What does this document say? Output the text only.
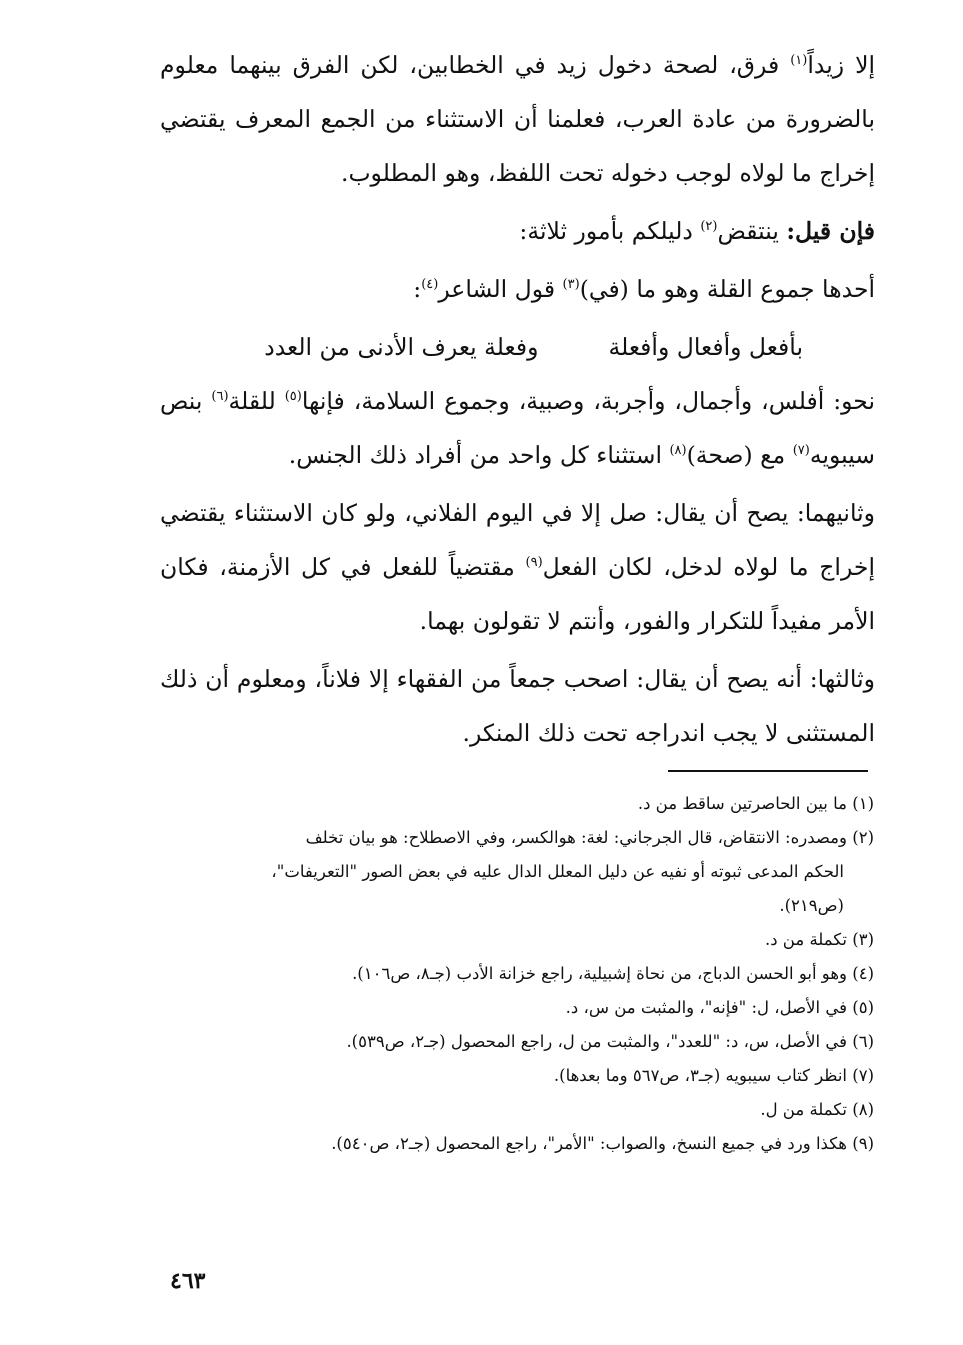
إلا زيداً$^{(١)}$ فرق، لصحة دخول زيد في الخطابين، لكن الفرق بينهما معلوم بالضرورة من عادة العرب، فعلمنا أن الاستثناء من الجمع المعرف يقتضي إخراج ما لولاه لوجب دخوله تحت اللفظ، وهو المطلوب.

فإن قيل: ينتقض$^{(٢)}$ دليلكم بأمور ثلاثة:

أحدها جموع القلة وهو ما (في)$^{(٣)}$ قول الشاعر$^{(٤)}$:

بأفعل وأفعال وأفعلة
وفعلة يعرف الأدنى من العدد

نحو: أفلس، وأجمال، وأجربة، وصبية، وجموع السلامة، فإنها$^{(٥)}$ للقلة$^{(٦)}$ بنص سيبويه$^{(٧)}$ مع (صحة)$^{(٨)}$ استثناء كل واحد من أفراد ذلك الجنس.

وثانيهما: يصح أن يقال: صل إلا في اليوم الفلاني، ولو كان الاستثناء يقتضي إخراج ما لولاه لدخل، لكان الفعل$^{(٩)}$ مقتضياً للفعل في كل الأزمنة، فكان الأمر مفيداً للتكرار والفور، وأنتم لا تقولون بهما.

وثالثها: أنه يصح أن يقال: اصحب جمعاً من الفقهاء إلا فلاناً، ومعلوم أن ذلك المستثنى لا يجب اندراجه تحت ذلك المنكر.

(١) ما بين الحاصرتين ساقط من د.

(٢) ومصدره: الانتقاض، قال الجرجاني: لغة: هوالكسر، وفي الاصطلاح: هو بيان تخلف

الحكم المدعى ثبوته أو نفيه عن دليل المعلل الدال عليه في بعض الصور "التعريفات"،

(ص٢١٩).

(٣) تكملة من د.

(٤) وهو أبو الحسن الدباج، من نحاة إشبيلية، راجع خزانة الأدب (جـ٨، ص١٠٦).

(٥) في الأصل، ل: "فإنه"، والمثبت من س، د.

(٦) في الأصل، س، د: "للعدد"، والمثبت من ل، راجع المحصول (جـ٢، ص٥٣٩).

(٧) انظر كتاب سيبويه (جـ٣، ص٥٦٧ وما بعدها).

(٨) تكملة من ل.

(٩) هكذا ورد في جميع النسخ، والصواب: "الأمر"، راجع المحصول (جـ٢، ص٥٤٠).

٤٦٣
